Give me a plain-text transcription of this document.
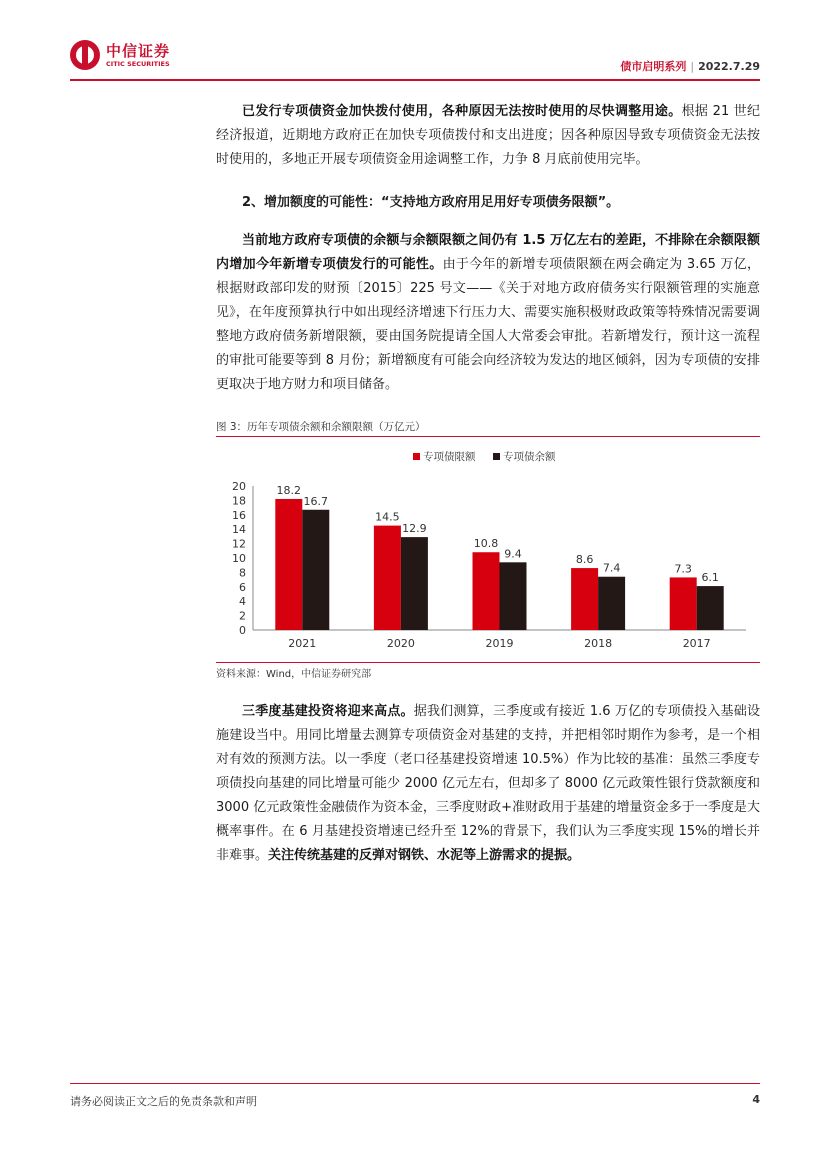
中信证券
CITIC SECURITIES	债市启明系列 | 2022.7.29

已发行专项债资金加快拨付使用，各种原因无法按时使用的尽快调整用途。根据 21 世纪经济报道，近期地方政府正在加快专项债拨付和支出进度；因各种原因导致专项债资金无法按时使用的，多地正开展专项债资金用途调整工作，力争 8 月底前使用完毕。

2、增加额度的可能性：“支持地方政府用足用好专项债务限额”。

当前地方政府专项债的余额与余额限额之间仍有 1.5 万亿左右的差距，不排除在余额限额内增加今年新增专项债发行的可能性。由于今年的新增专项债限额在两会确定为 3.65 万亿，根据财政部印发的财预〔2015〕225 号文——《关于对地方政府债务实行限额管理的实施意见》，在年度预算执行中如出现经济增速下行压力大、需要实施积极财政政策等特殊情况需要调整地方政府债务新增限额，要由国务院提请全国人大常委会审批。若新增发行，预计这一流程的审批可能要等到 8 月份；新增额度有可能会向经济较为发达的地区倾斜，因为专项债的安排更取决于地方财力和项目储备。

图 3：历年专项债余额和余额限额（万亿元）
专项债限额	专项债余额
0
2
4
6
8
10
12
14
16
18
20	18.2
16.7
2021
14.5
12.9
2020
10.8
9.4
2019
8.6
7.4
2018
7.3
6.1
2017
资料来源：Wind，中信证券研究部

三季度基建投资将迎来高点。据我们测算，三季度或有接近 1.6 万亿的专项债投入基础设施建设当中。用同比增量去测算专项债资金对基建的支持，并把相邻时期作为参考，是一个相对有效的预测方法。以一季度（老口径基建投资增速 10.5%）作为比较的基准：虽然三季度专项债投向基建的同比增量可能少 2000 亿元左右，但却多了 8000 亿元政策性银行贷款额度和 3000 亿元政策性金融债作为资本金，三季度财政+准财政用于基建的增量资金多于一季度是大概率事件。在 6 月基建投资增速已经升至 12%的背景下，我们认为三季度实现 15%的增长并非难事。关注传统基建的反弹对钢铁、水泥等上游需求的提振。

请务必阅读正文之后的免责条款和声明	4
